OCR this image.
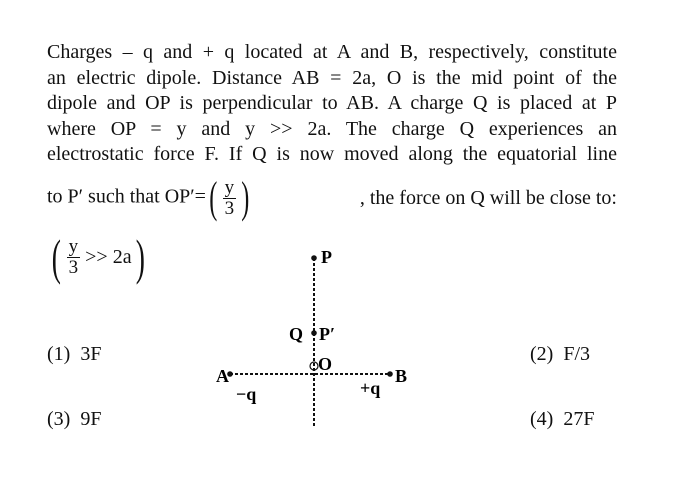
Charges – q and + q located at A and B, respectively, constitute
an electric dipole. Distance AB = 2a, O is the mid point of the
dipole and OP is perpendicular to AB. A charge Q is placed at P
where OP = y and y >> 2a. The charge Q experiences an
electrostatic force F. If Q is now moved along the equatorial line
to P′ such that $OP'=( \frac{y}{3}$ )	, the force on Q will be close to:
( $\frac{y}{3} >> 2a$ )	P
Q P′
O
A	B
−q	+q
(1) 3F	(2) F/3
(3) 9F	(4) 27F
